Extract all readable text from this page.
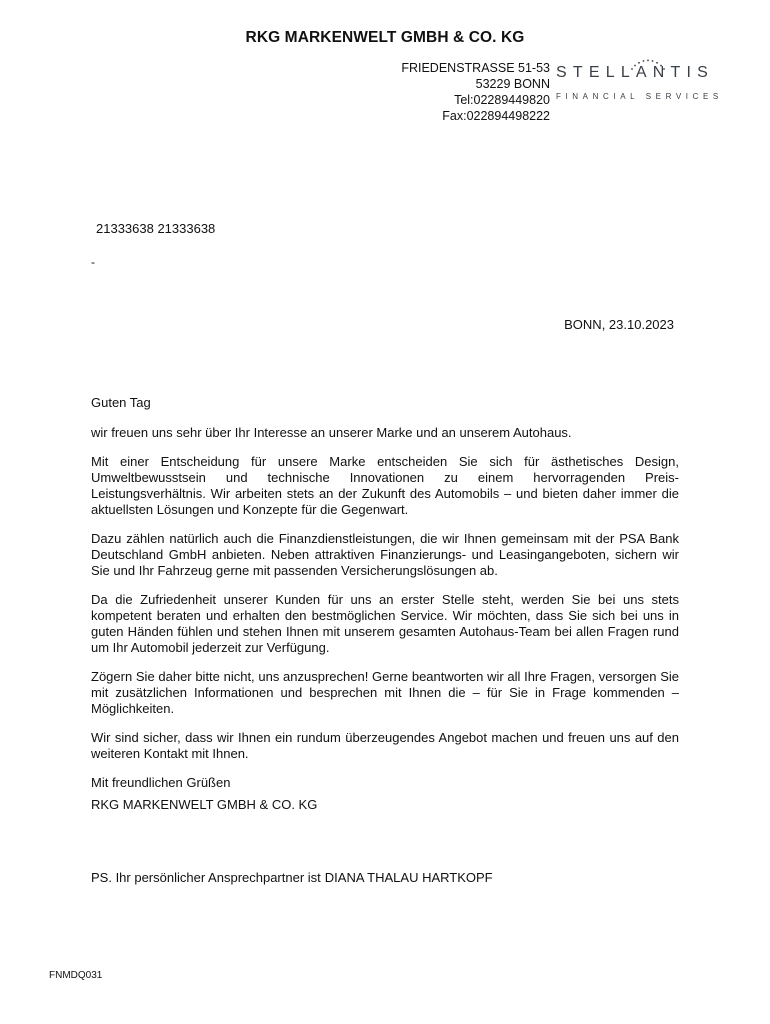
RKG MARKENWELT GMBH & CO. KG
FRIEDENSTRASSE 51-53
53229 BONN
Tel:02289449820
Fax:022894498222
STELLANTIS
FINANCIAL SERVICES
21333638 21333638
-
BONN, 23.10.2023

Guten Tag

wir freuen uns sehr über Ihr Interesse an unserer Marke und an unserem Autohaus.

Mit einer Entscheidung für unsere Marke entscheiden Sie sich für ästhetisches Design, Umweltbewusstsein und technische Innovationen zu einem hervorragenden Preis-Leistungsverhältnis. Wir arbeiten stets an der Zukunft des Automobils – und bieten daher immer die aktuellsten Lösungen und Konzepte für die Gegenwart.

Dazu zählen natürlich auch die Finanzdienstleistungen, die wir Ihnen gemeinsam mit der PSA Bank Deutschland GmbH anbieten. Neben attraktiven Finanzierungs- und Leasingangeboten, sichern wir Sie und Ihr Fahrzeug gerne mit passenden Versicherungslösungen ab.

Da die Zufriedenheit unserer Kunden für uns an erster Stelle steht, werden Sie bei uns stets kompetent beraten und erhalten den bestmöglichen Service. Wir möchten, dass Sie sich bei uns in guten Händen fühlen und stehen Ihnen mit unserem gesamten Autohaus-Team bei allen Fragen rund um Ihr Automobil jederzeit zur Verfügung.

Zögern Sie daher bitte nicht, uns anzusprechen! Gerne beantworten wir all Ihre Fragen, versorgen Sie mit zusätzlichen Informationen und besprechen mit Ihnen die – für Sie in Frage kommenden – Möglichkeiten.

Wir sind sicher, dass wir Ihnen ein rundum überzeugendes Angebot machen und freuen uns auf den weiteren Kontakt mit Ihnen.

Mit freundlichen Grüßen

RKG MARKENWELT GMBH & CO. KG

PS. Ihr persönlicher Ansprechpartner ist DIANA THALAU HARTKOPF
FNMDQ031
